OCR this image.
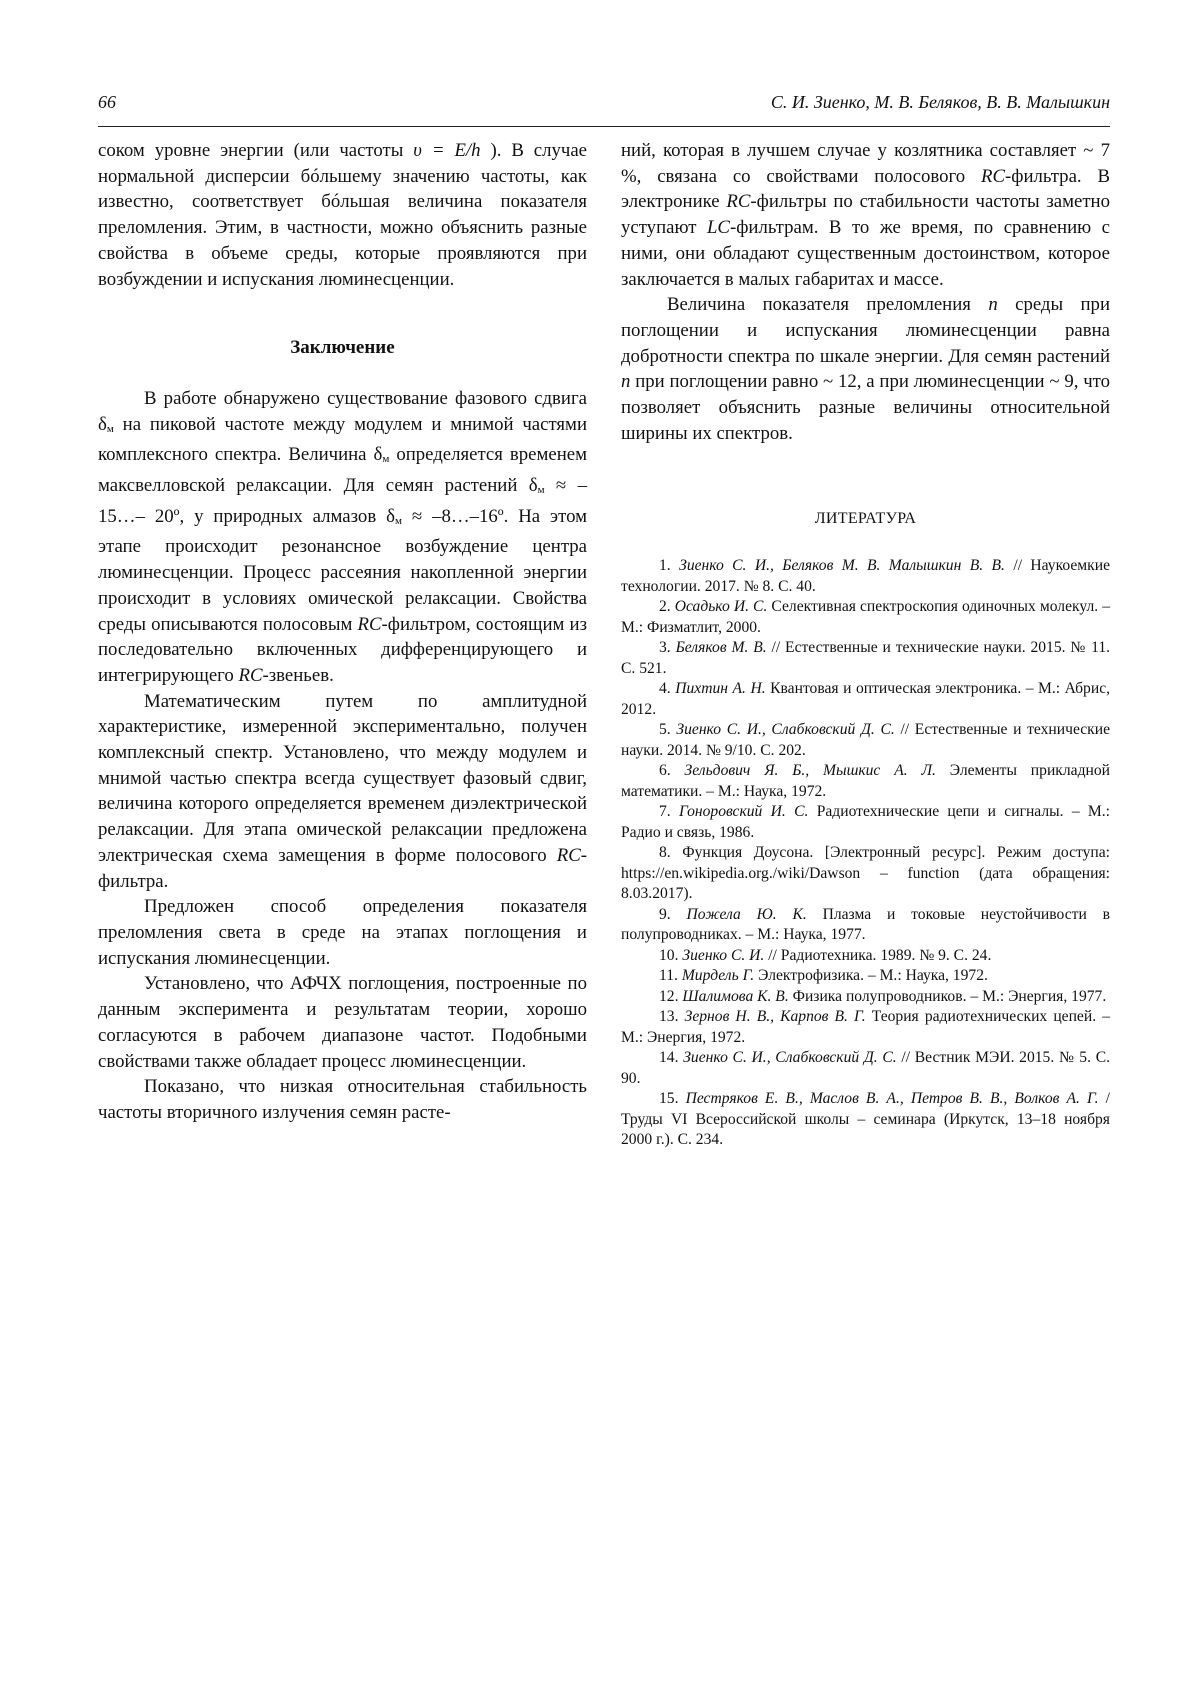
66	С. И. Зиенко, М. В. Беляков, В. В. Малышкин

соком уровне энергии (или частоты υ = E/h ). В случае нормальной дисперсии бóльшему значению частоты, как известно, соответствует бóльшая величина показателя преломления. Этим, в частности, можно объяснить разные свойства в объеме среды, которые проявляются при возбуждении и испускания люминесценции.

Заключение

В работе обнаружено существование фазового сдвига δм на пиковой частоте между модулем и мнимой частями комплексного спектра. Величина δм определяется временем максвелловской релаксации. Для семян растений δм ≈ –15…– 20º, у природных алмазов δм ≈ –8…–16º. На этом этапе происходит резонансное возбуждение центра люминесценции. Процесс рассеяния накопленной энергии происходит в условиях омической релаксации. Свойства среды описываются полосовым RC-фильтром, состоящим из последовательно включенных дифференцирующего и интегрирующего RC-звеньев.

Математическим путем по амплитудной характеристике, измеренной экспериментально, получен комплексный спектр. Установлено, что между модулем и мнимой частью спектра всегда существует фазовый сдвиг, величина которого определяется временем диэлектрической релаксации. Для этапа омической релаксации предложена электрическая схема замещения в форме полосового RC-фильтра.

Предложен способ определения показателя преломления света в среде на этапах поглощения и испускания люминесценции.

Установлено, что АФЧХ поглощения, построенные по данным эксперимента и результатам теории, хорошо согласуются в рабочем диапазоне частот. Подобными свойствами также обладает процесс люминесценции.

Показано, что низкая относительная стабильность частоты вторичного излучения семян расте-

ний, которая в лучшем случае у козлятника составляет ~ 7 %, связана со свойствами полосового RC-фильтра. В электронике RC-фильтры по стабильности частоты заметно уступают LC-фильтрам. В то же время, по сравнению с ними, они обладают существенным достоинством, которое заключается в малых габаритах и массе.

Величина показателя преломления n среды при поглощении и испускания люминесценции равна добротности спектра по шкале энергии. Для семян растений n при поглощении равно ~ 12, а при люминесценции ~ 9, что позволяет объяснить разные величины относительной ширины их спектров.

ЛИТЕРАТУРА

1. Зиенко С. И., Беляков М. В. Малышкин В. В. // Наукоемкие технологии. 2017. № 8. С. 40.

2. Осадько И. С. Селективная спектроскопия одиночных молекул. – М.: Физматлит, 2000.

3. Беляков М. В. // Естественные и технические науки. 2015. № 11. С. 521.

4. Пихтин А. Н. Квантовая и оптическая электроника. – М.: Абрис, 2012.

5. Зиенко С. И., Слабковский Д. С. // Естественные и технические науки. 2014. № 9/10. С. 202.

6. Зельдович Я. Б., Мышкис А. Л. Элементы прикладной математики. – М.: Наука, 1972.

7. Гоноровский И. С. Радиотехнические цепи и сигналы. – М.: Радио и связь, 1986.

8. Функция Доусона. [Электронный ресурс]. Режим доступа: https://en.wikipedia.org./wiki/Dawson – function (дата обращения: 8.03.2017).

9. Пожела Ю. К. Плазма и токовые неустойчивости в полупроводниках. – М.: Наука, 1977.

10. Зиенко С. И. // Радиотехника. 1989. № 9. С. 24.

11. Мирдель Г. Электрофизика. – М.: Наука, 1972.

12. Шалимова К. В. Физика полупроводников. – М.: Энергия, 1977.

13. Зернов Н. В., Карпов В. Г. Теория радиотехнических цепей. – М.: Энергия, 1972.

14. Зиенко С. И., Слабковский Д. С. // Вестник МЭИ. 2015. № 5. С. 90.

15. Пестряков Е. В., Маслов В. А., Петров В. В., Волков А. Г. / Труды VI Всероссийской школы – семинара (Иркутск, 13–18 ноября 2000 г.). С. 234.
